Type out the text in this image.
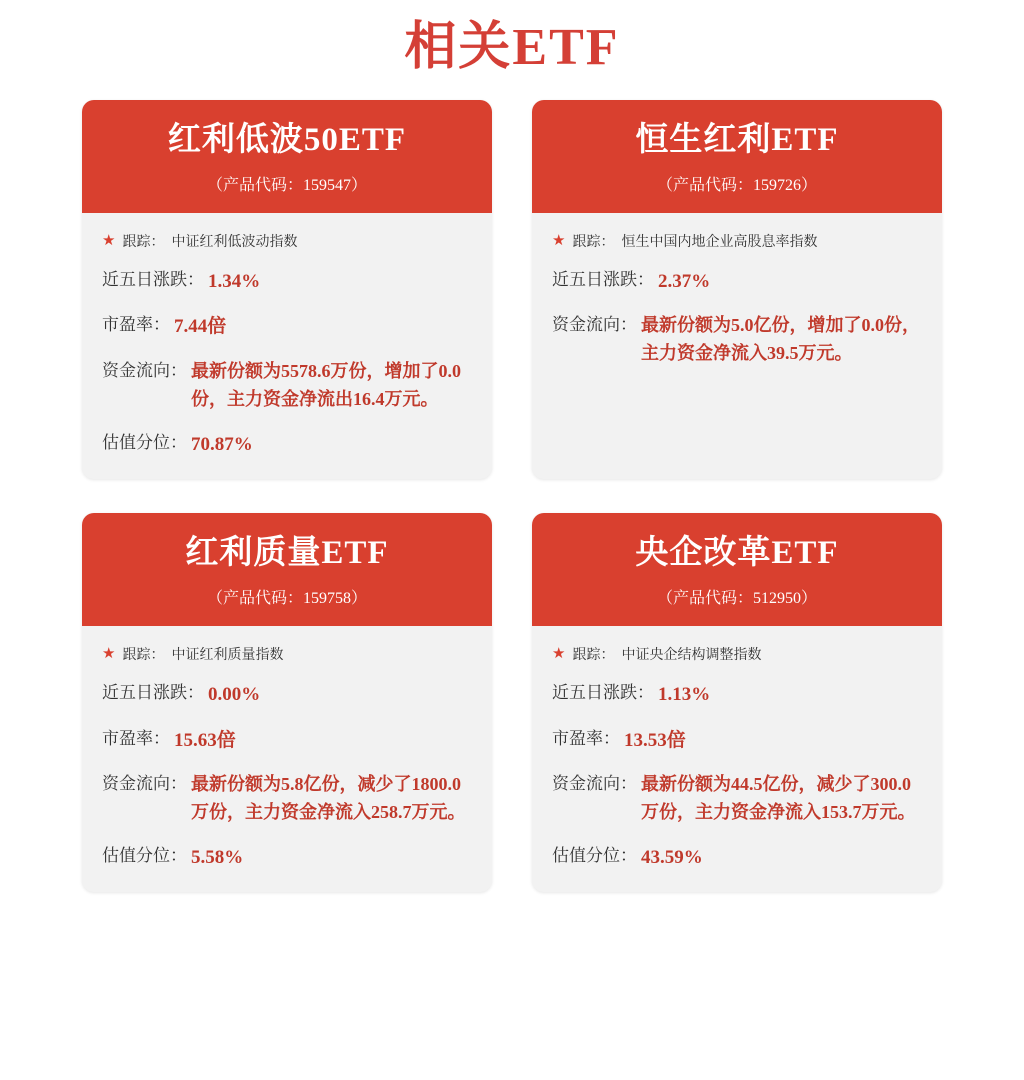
相关ETF
红利低波50ETF
（产品代码：159547）
★ 跟踪： 中证红利低波动指数
近五日涨跌： 1.34%
市盈率： 7.44倍
资金流向： 最新份额为5578.6万份，增加了0.0份，主力资金净流出16.4万元。
估值分位： 70.87%
恒生红利ETF
（产品代码：159726）
★ 跟踪： 恒生中国内地企业高股息率指数
近五日涨跌： 2.37%
资金流向： 最新份额为5.0亿份，增加了0.0份，主力资金净流入39.5万元。
红利质量ETF
（产品代码：159758）
★ 跟踪： 中证红利质量指数
近五日涨跌： 0.00%
市盈率： 15.63倍
资金流向： 最新份额为5.8亿份，减少了1800.0万份，主力资金净流入258.7万元。
估值分位： 5.58%
央企改革ETF
（产品代码：512950）
★ 跟踪： 中证央企结构调整指数
近五日涨跌： 1.13%
市盈率： 13.53倍
资金流向： 最新份额为44.5亿份，减少了300.0万份，主力资金净流入153.7万元。
估值分位： 43.59%
